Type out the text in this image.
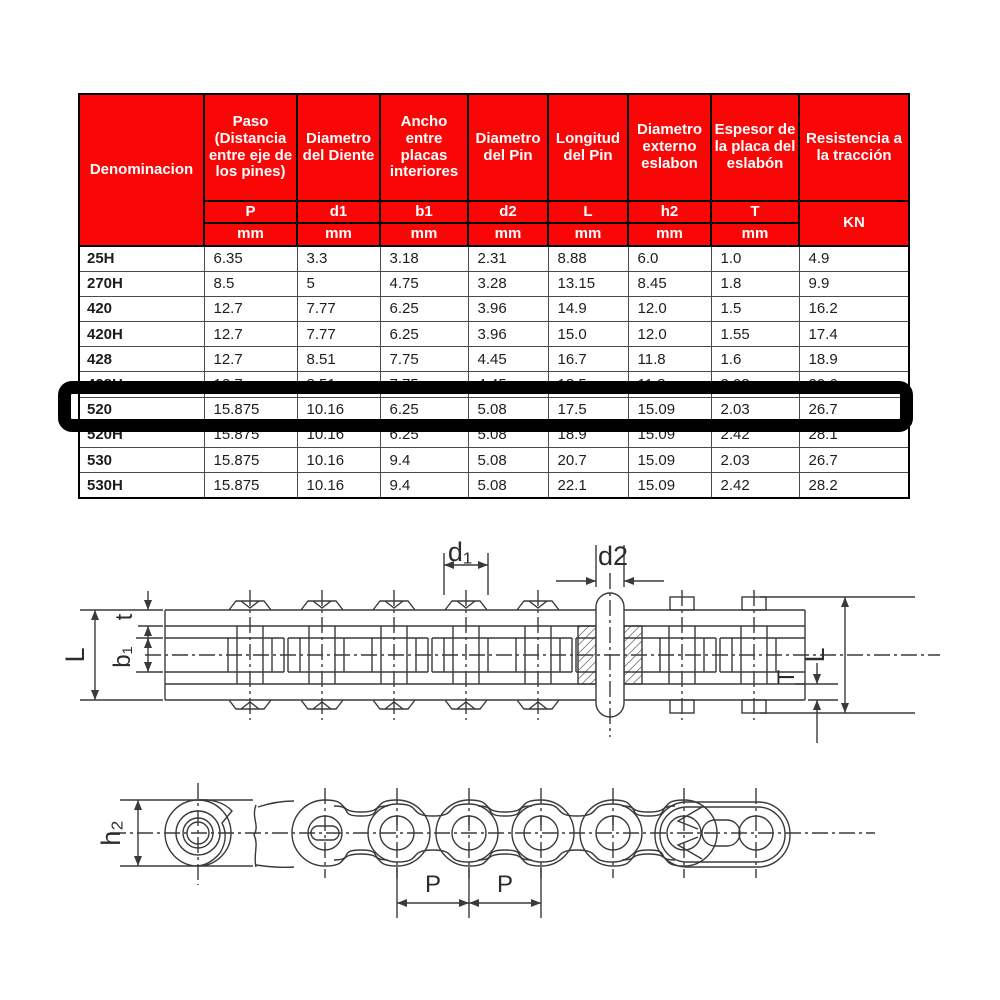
Denominacion	Paso (Distancia entre eje de los pines)	Diametro del Diente	Ancho entre placas interiores	Diametro del Pin	Longitud del Pin	Diametro externo eslabon	Espesor de la placa del eslabón	Resistencia a la tracción
	P	d1	b1	d2	L	h2	T	KN
	mm	mm	mm	mm	mm	mm	mm	
25H	6.35	3.3	3.18	2.31	8.88	6.0	1.0	4.9
270H	8.5	5	4.75	3.28	13.15	8.45	1.8	9.9
420	12.7	7.77	6.25	3.96	14.9	12.0	1.5	16.2
420H	12.7	7.77	6.25	3.96	15.0	12.0	1.55	17.4
428	12.7	8.51	7.75	4.45	16.7	11.8	1.6	18.9
428H	12.7	8.51	7.75	4.45	18.5	11.8	2.03	20.6
520	15.875	10.16	6.25	5.08	17.5	15.09	2.03	26.7
520H	15.875	10.16	6.25	5.08	18.9	15.09	2.42	28.1
530	15.875	10.16	9.4	5.08	20.7	15.09	2.03	26.7
530H	15.875	10.16	9.4	5.08	22.1	15.09	2.42	28.2
d₁	d2
L
t
b₁
T
L
h₂
P P
